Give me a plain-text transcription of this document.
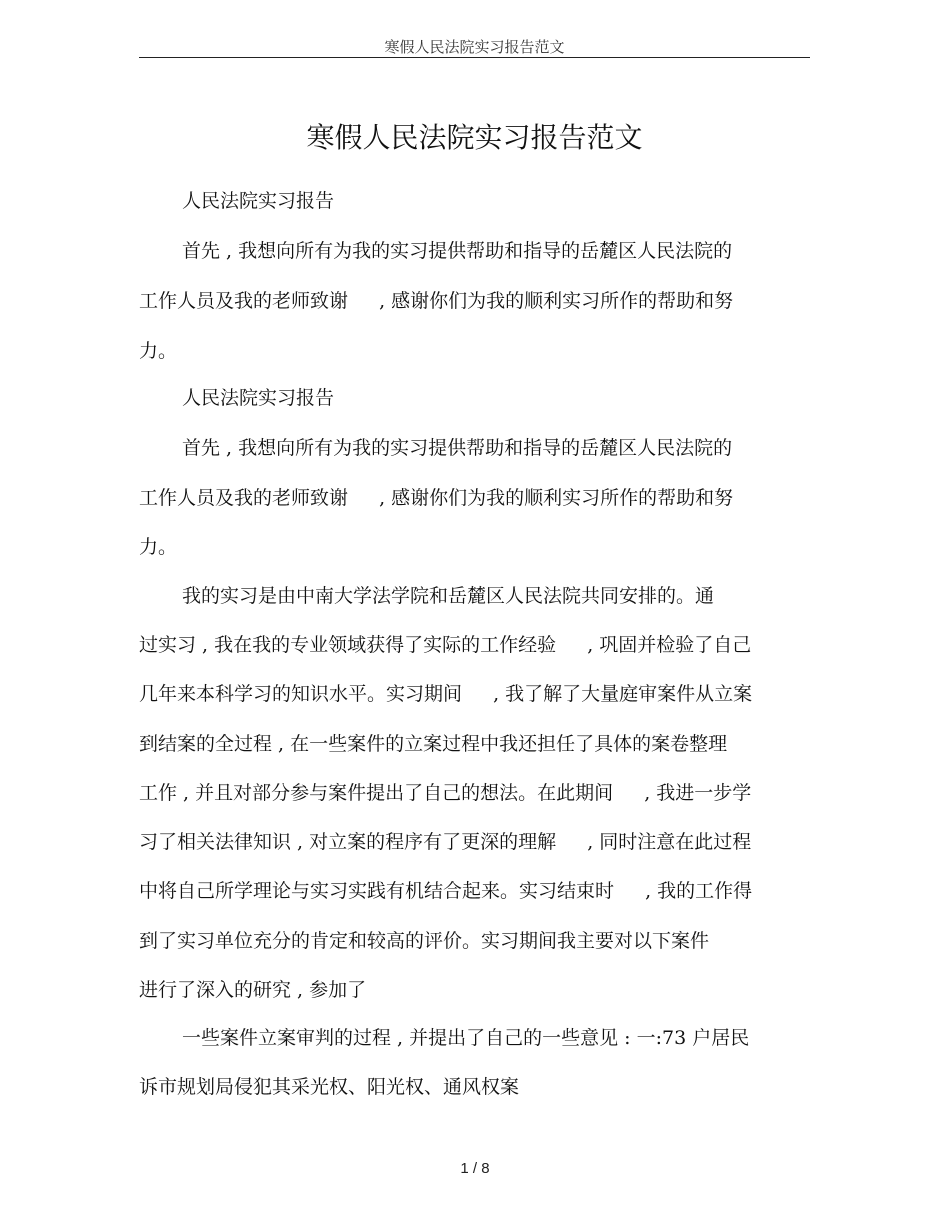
寒假人民法院实习报告范文
寒假人民法院实习报告范文
人民法院实习报告
首先 , 我想向所有为我的实习提供帮助和指导的岳麓区人民法院的
工作人员及我的老师致谢 　 , 感谢你们为我的顺利实习所作的帮助和努
力。
人民法院实习报告
首先 , 我想向所有为我的实习提供帮助和指导的岳麓区人民法院的
工作人员及我的老师致谢 　 , 感谢你们为我的顺利实习所作的帮助和努
力。
我的实习是由中南大学法学院和岳麓区人民法院共同安排的。通
过实习 , 我在我的专业领域获得了实际的工作经验 　 , 巩固并检验了自己
几年来本科学习的知识水平。实习期间 　 , 我了解了大量庭审案件从立案
到结案的全过程 , 在一些案件的立案过程中我还担任了具体的案卷整理
工作 , 并且对部分参与案件提出了自己的想法。在此期间 　 , 我进一步学
习了相关法律知识 , 对立案的程序有了更深的理解 　 , 同时注意在此过程
中将自己所学理论与实习实践有机结合起来。实习结束时 　 , 我的工作得
到了实习单位充分的肯定和较高的评价。实习期间我主要对以下案件
进行了深入的研究 , 参加了
一些案件立案审判的过程 , 并提出了自己的一些意见 : 一:73 户居民
诉市规划局侵犯其采光权、阳光权、通风权案
1 / 8
